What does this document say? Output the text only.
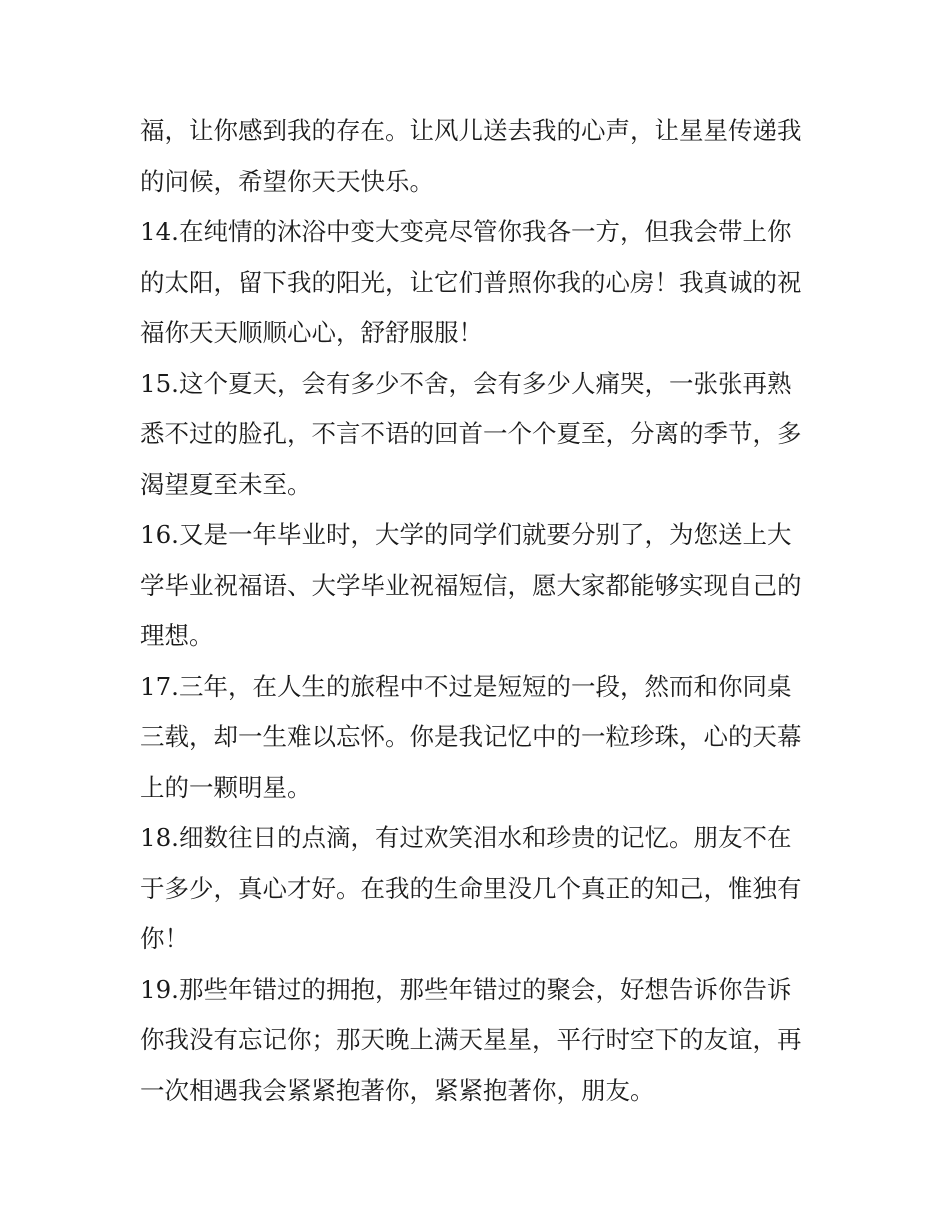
福，让你感到我的存在。让风儿送去我的心声，让星星传递我
的问候，希望你天天快乐。
14.在纯情的沐浴中变大变亮尽管你我各一方，但我会带上你
的太阳，留下我的阳光，让它们普照你我的心房！我真诚的祝
福你天天顺顺心心，舒舒服服！
15.这个夏天，会有多少不舍，会有多少人痛哭，一张张再熟
悉不过的脸孔，不言不语的回首一个个夏至，分离的季节，多
渴望夏至未至。
16.又是一年毕业时，大学的同学们就要分别了，为您送上大
学毕业祝福语、大学毕业祝福短信，愿大家都能够实现自己的
理想。
17.三年，在人生的旅程中不过是短短的一段，然而和你同桌
三载，却一生难以忘怀。你是我记忆中的一粒珍珠，心的天幕
上的一颗明星。
18.细数往日的点滴，有过欢笑泪水和珍贵的记忆。朋友不在
于多少，真心才好。在我的生命里没几个真正的知己，惟独有
你！
19.那些年错过的拥抱，那些年错过的聚会，好想告诉你告诉
你我没有忘记你；那天晚上满天星星，平行时空下的友谊，再
一次相遇我会紧紧抱著你，紧紧抱著你，朋友。
